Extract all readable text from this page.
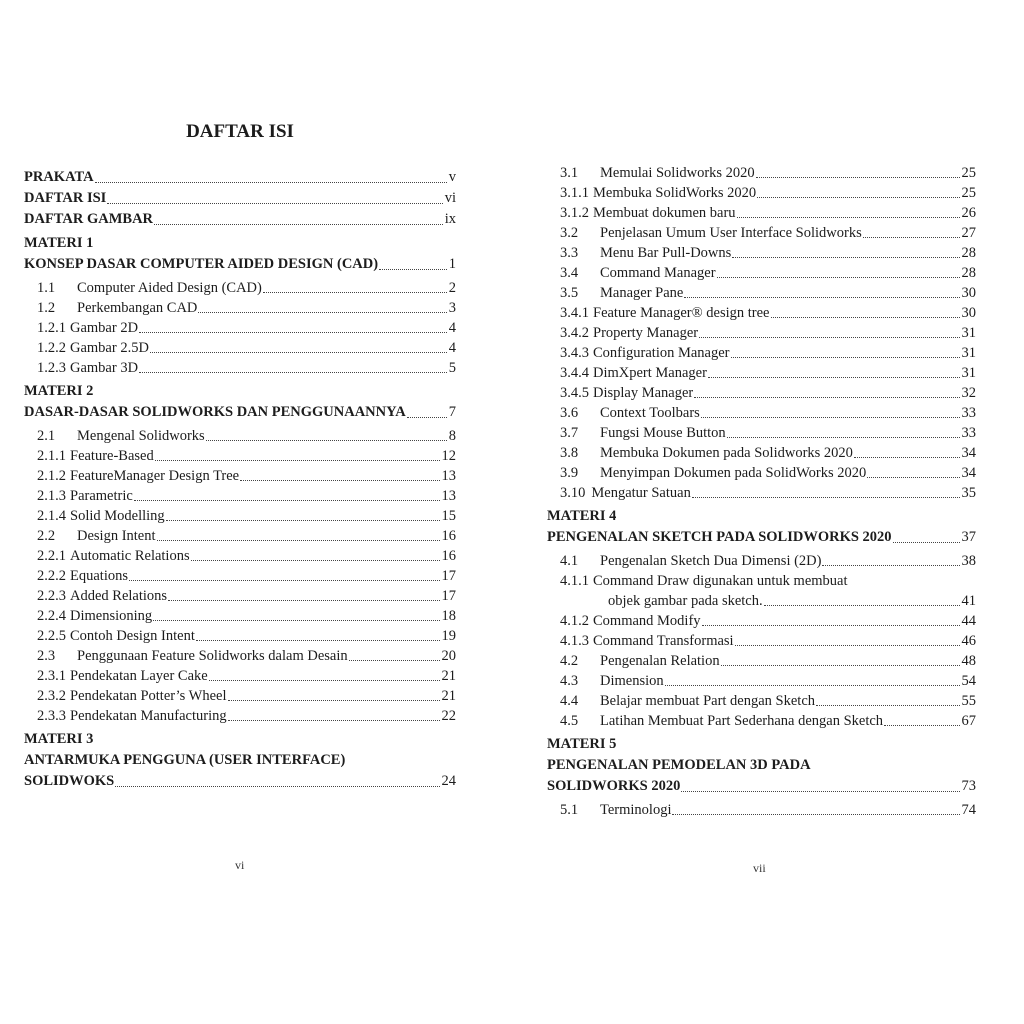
DAFTAR ISI
PRAKATA	v
DAFTAR ISI	vi
DAFTAR GAMBAR	ix
MATERI 1
KONSEP DASAR COMPUTER AIDED DESIGN (CAD)	1
1.1	Computer Aided Design (CAD)	2
1.2	Perkembangan CAD	3
1.2.1 Gambar 2D	4
1.2.2 Gambar 2.5D	4
1.2.3 Gambar 3D	5
MATERI 2
DASAR-DASAR SOLIDWORKS DAN PENGGUNAANNYA	7
2.1	Mengenal Solidworks	8
2.1.1 Feature-Based	12
2.1.2 FeatureManager Design Tree	13
2.1.3 Parametric	13
2.1.4 Solid Modelling	15
2.2	Design Intent	16
2.2.1 Automatic Relations	16
2.2.2 Equations	17
2.2.3 Added Relations	17
2.2.4 Dimensioning	18
2.2.5 Contoh Design Intent	19
2.3	Penggunaan Feature Solidworks dalam Desain	20
2.3.1 Pendekatan Layer Cake	21
2.3.2 Pendekatan Potter’s Wheel	21
2.3.3 Pendekatan Manufacturing	22
MATERI 3
ANTARMUKA PENGGUNA (USER INTERFACE)
SOLIDWOKS	24
3.1	Memulai Solidworks 2020	25
3.1.1 Membuka SolidWorks 2020	25
3.1.2 Membuat dokumen baru	26
3.2	Penjelasan Umum User Interface Solidworks	27
3.3	Menu Bar Pull-Downs	28
3.4	Command Manager	28
3.5	Manager Pane	30
3.4.1 Feature Manager® design tree	30
3.4.2 Property Manager	31
3.4.3 Configuration Manager	31
3.4.4 DimXpert Manager	31
3.4.5 Display Manager	32
3.6	Context Toolbars	33
3.7	Fungsi Mouse Button	33
3.8	Membuka Dokumen pada Solidworks 2020	34
3.9	Menyimpan Dokumen pada SolidWorks 2020	34
3.10 Mengatur Satuan	35
MATERI 4
PENGENALAN SKETCH PADA SOLIDWORKS 2020	37
4.1	Pengenalan Sketch Dua Dimensi (2D)	38
4.1.1 Command Draw digunakan untuk membuat
objek gambar pada sketch.	41
4.1.2 Command Modify	44
4.1.3 Command Transformasi	46
4.2	Pengenalan Relation	48
4.3	Dimension	54
4.4	Belajar membuat Part dengan Sketch	55
4.5	Latihan Membuat Part Sederhana dengan Sketch	67
MATERI 5
PENGENALAN PEMODELAN 3D PADA
SOLIDWORKS 2020	73
5.1	Terminologi	74
vi	vii
